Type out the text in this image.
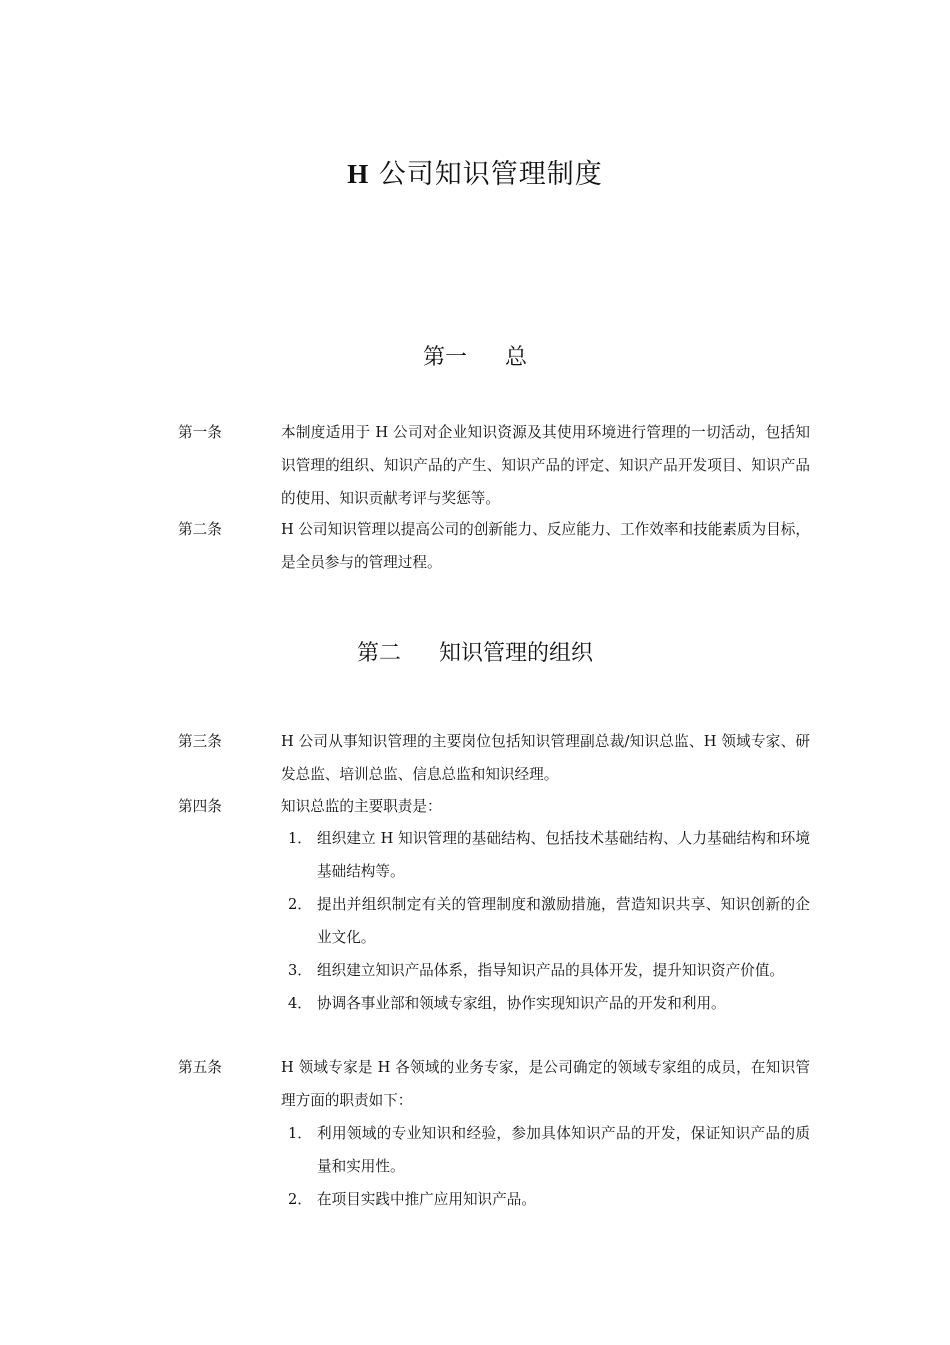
H 公司知识管理制度
第一 总
第一条	本制度适用于 H 公司对企业知识资源及其使用环境进行管理的一切活动，包括知识管理的组织、知识产品的产生、知识产品的评定、知识产品开发项目、知识产品的使用、知识贡献考评与奖惩等。
第二条	H 公司知识管理以提高公司的创新能力、反应能力、工作效率和技能素质为目标，是全员参与的管理过程。
第二 知识管理的组织
第三条	H 公司从事知识管理的主要岗位包括知识管理副总裁/知识总监、H 领域专家、研发总监、培训总监、信息总监和知识经理。
第四条	知识总监的主要职责是：
1． 组织建立 H 知识管理的基础结构、包括技术基础结构、人力基础结构和环境基础结构等。
2． 提出并组织制定有关的管理制度和激励措施，营造知识共享、知识创新的企业文化。
3． 组织建立知识产品体系，指导知识产品的具体开发，提升知识资产价值。
4． 协调各事业部和领域专家组，协作实现知识产品的开发和利用。
第五条	H 领域专家是 H 各领域的业务专家，是公司确定的领域专家组的成员，在知识管理方面的职责如下：
1． 利用领域的专业知识和经验，参加具体知识产品的开发，保证知识产品的质量和实用性。
2． 在项目实践中推广应用知识产品。
